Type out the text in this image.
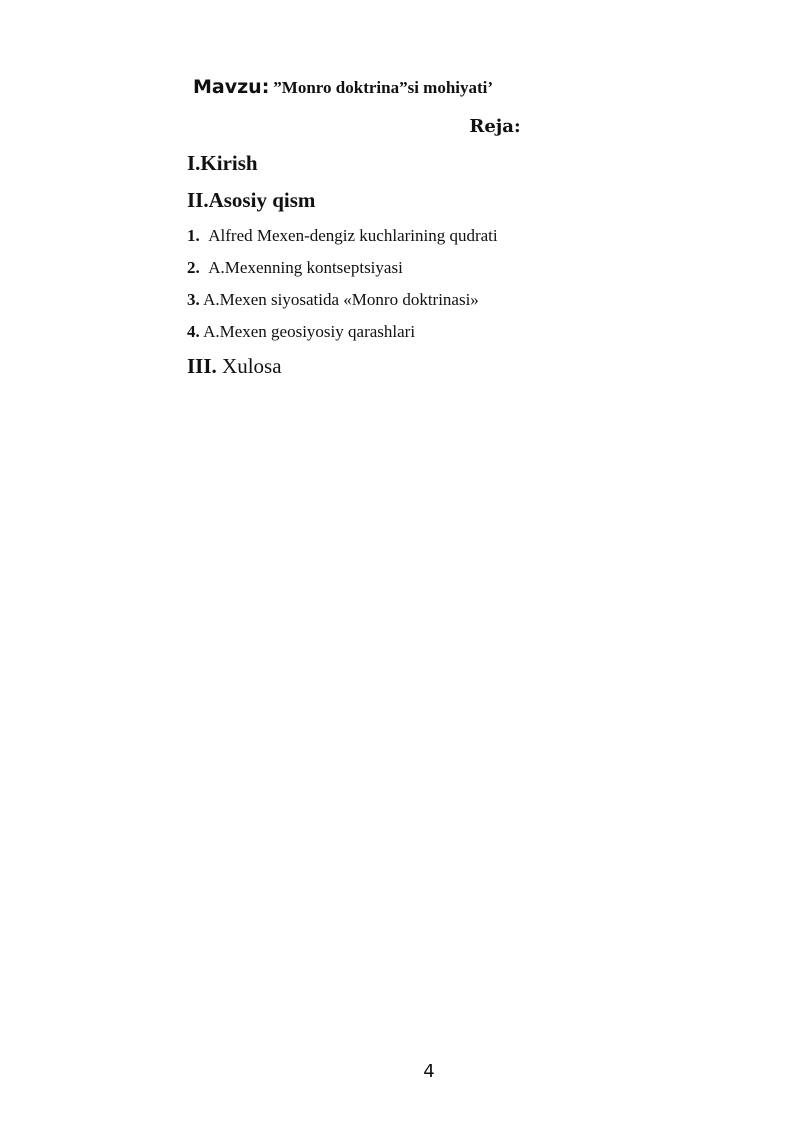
Mavzu: ”Monro doktrina”si mohiyati’
Reja:
I.Kirish
II.Asosiy qism
1. Alfred Mexen-dengiz kuchlarining qudrati
2. A.Mexenning kontseptsiyasi
3. A.Mexen siyosatida «Monro doktrinasi»
4. A.Mexen geosiyosiy qarashlari
III. Xulosa
4
